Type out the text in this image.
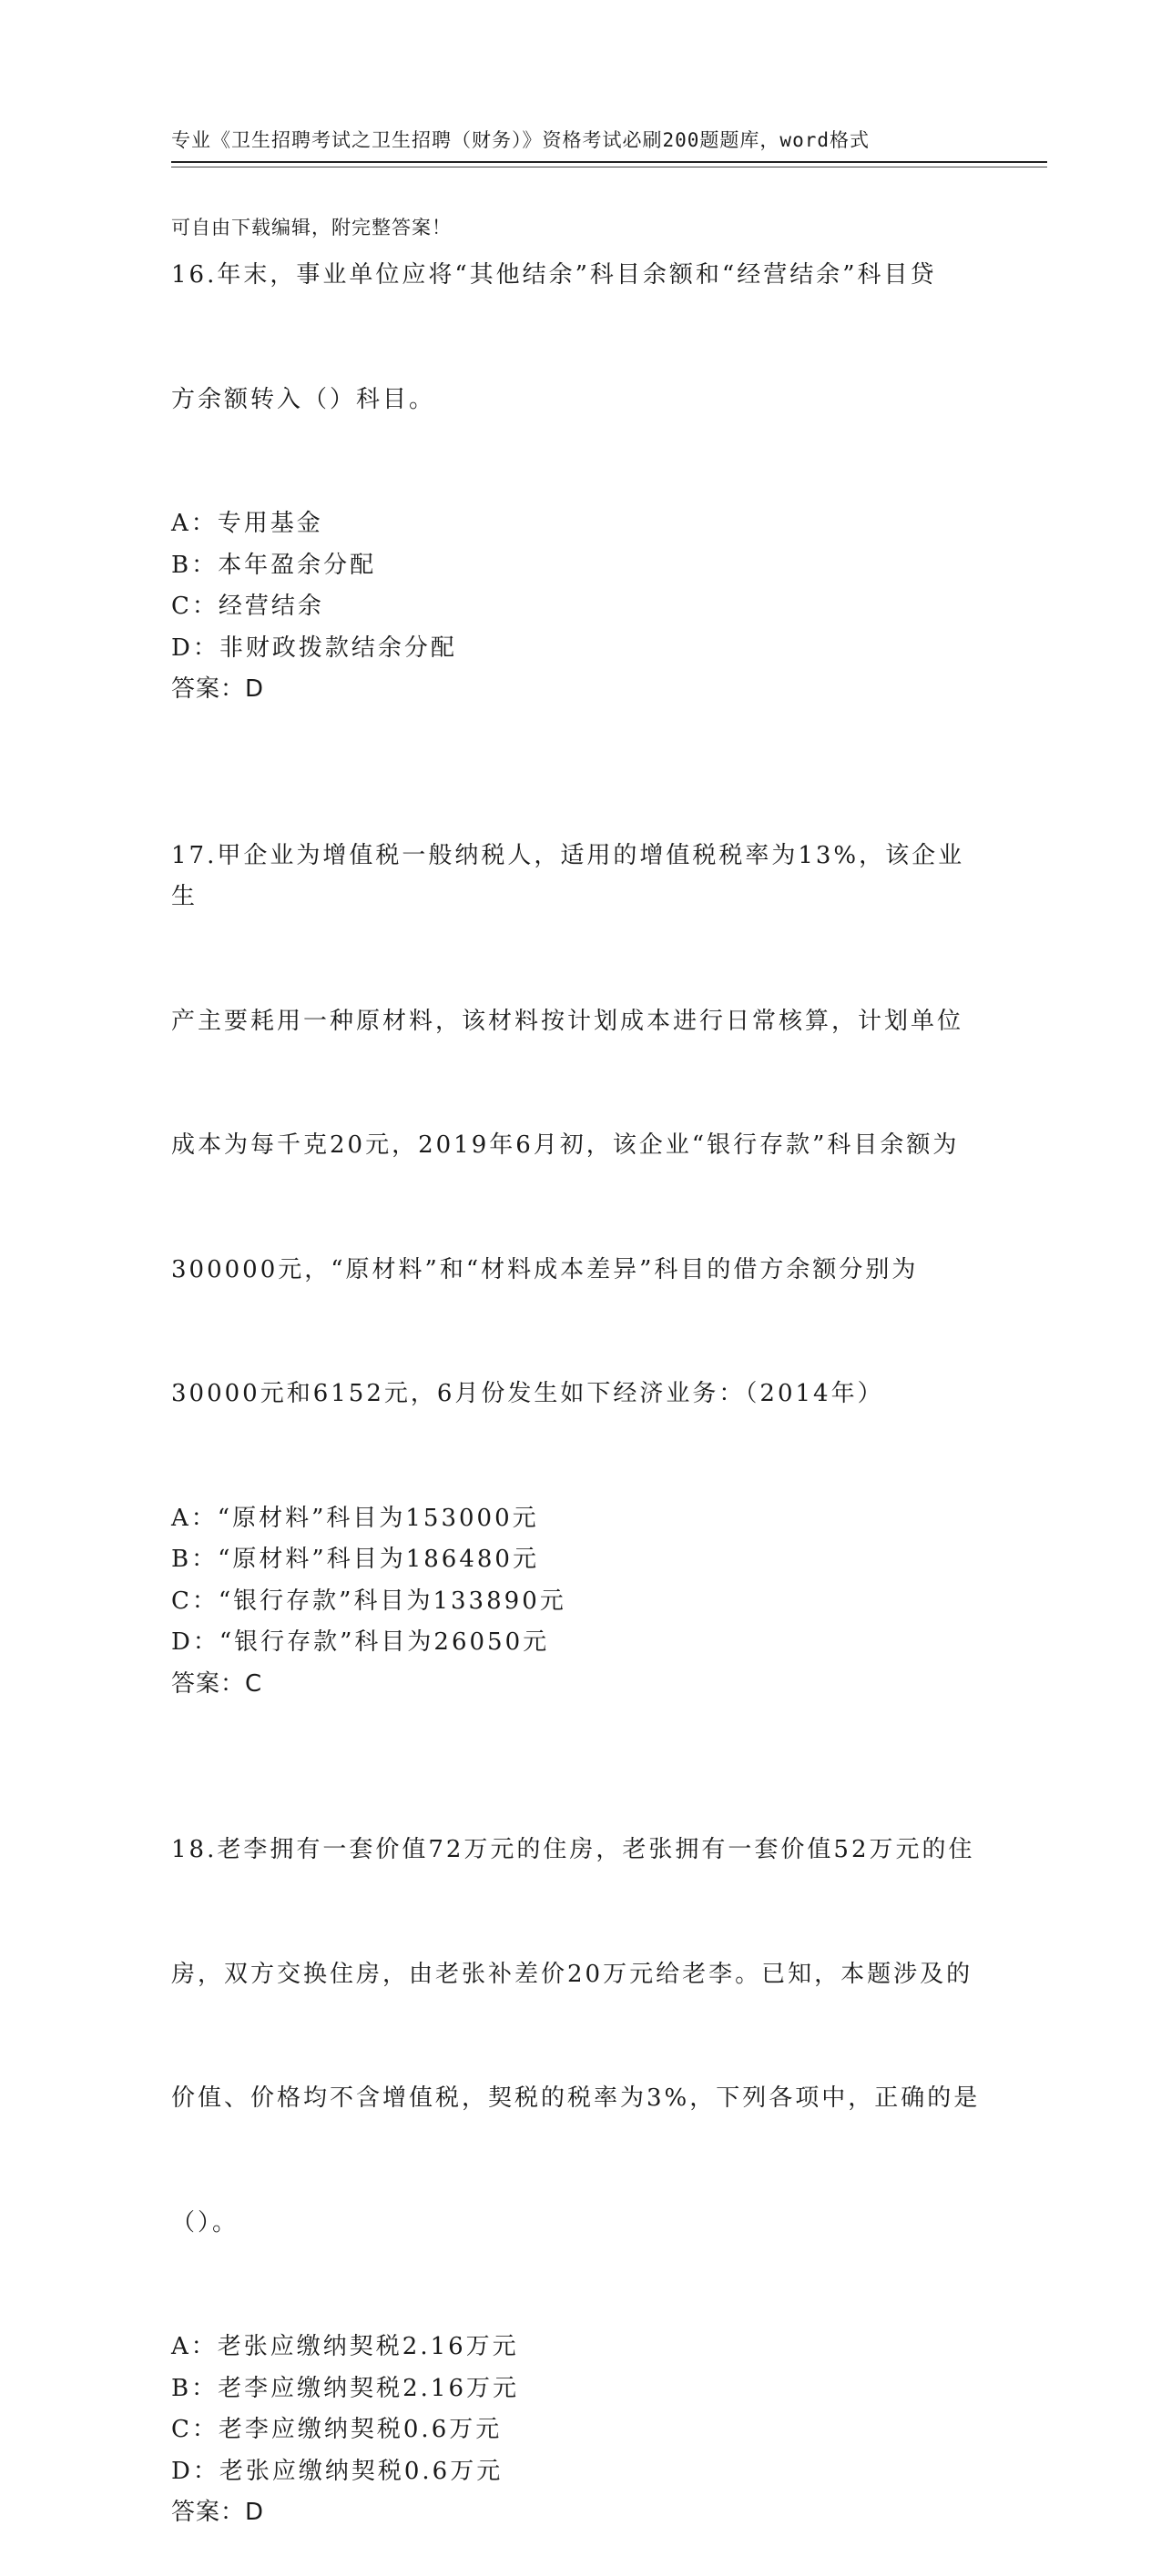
专业《卫生招聘考试之卫生招聘（财务）》资格考试必刷200题题库，word格式

可自由下载编辑，附完整答案！

16.年末，事业单位应将“其他结余”科目余额和“经营结余”科目贷

方余额转入（）科目。

A：专用基金
B：本年盈余分配
C：经营结余
D：非财政拨款结余分配
答案：D

17.甲企业为增值税一般纳税人，适用的增值税税率为13%，该企业生

产主要耗用一种原材料，该材料按计划成本进行日常核算，计划单位

成本为每千克20元，2019年6月初，该企业“银行存款”科目余额为

300000元，“原材料”和“材料成本差异”科目的借方余额分别为

30000元和6152元，6月份发生如下经济业务：（2014年）

A：“原材料”科目为153000元
B：“原材料”科目为186480元
C：“银行存款”科目为133890元
D：“银行存款”科目为26050元
答案：C

18.老李拥有一套价值72万元的住房，老张拥有一套价值52万元的住

房，双方交换住房，由老张补差价20万元给老李。已知，本题涉及的

价值、价格均不含增值税，契税的税率为3%，下列各项中，正确的是

（）。

A：老张应缴纳契税2.16万元
B：老李应缴纳契税2.16万元
C：老李应缴纳契税0.6万元
D：老张应缴纳契税0.6万元
答案：D
